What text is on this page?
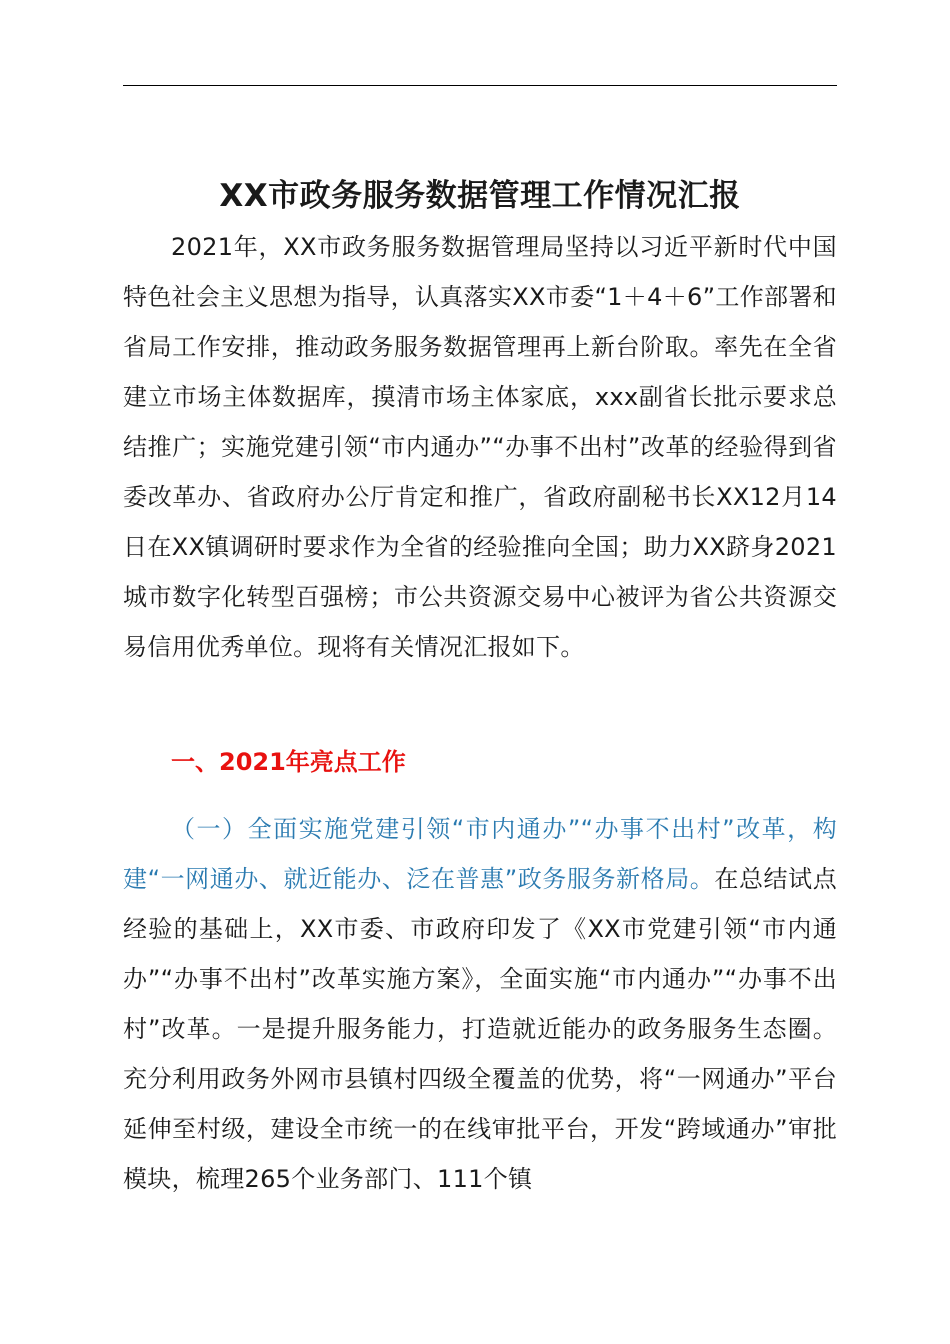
XX市政务服务数据管理工作情况汇报

2021年，XX市政务服务数据管理局坚持以习近平新时代中国特色社会主义思想为指导，认真落实XX市委“1＋4＋6”工作部署和省局工作安排，推动政务服务数据管理再上新台阶取。率先在全省建立市场主体数据库，摸清市场主体家底，xxx副省长批示要求总结推广；实施党建引领“市内通办”“办事不出村”改革的经验得到省委改革办、省政府办公厅肯定和推广，省政府副秘书长XX12月14日在XX镇调研时要求作为全省的经验推向全国；助力XX跻身2021城市数字化转型百强榜；市公共资源交易中心被评为省公共资源交易信用优秀单位。现将有关情况汇报如下。

一、2021年亮点工作

（一）全面实施党建引领“市内通办”“办事不出村”改革，构建“一网通办、就近能办、泛在普惠”政务服务新格局。在总结试点经验的基础上，XX市委、市政府印发了《XX市党建引领“市内通办”“办事不出村”改革实施方案》，全面实施“市内通办”“办事不出村”改革。一是提升服务能力，打造就近能办的政务服务生态圈。充分利用政务外网市县镇村四级全覆盖的优势，将“一网通办”平台延伸至村级，建设全市统一的在线审批平台，开发“跨域通办”审批模块，梳理265个业务部门、111个镇
